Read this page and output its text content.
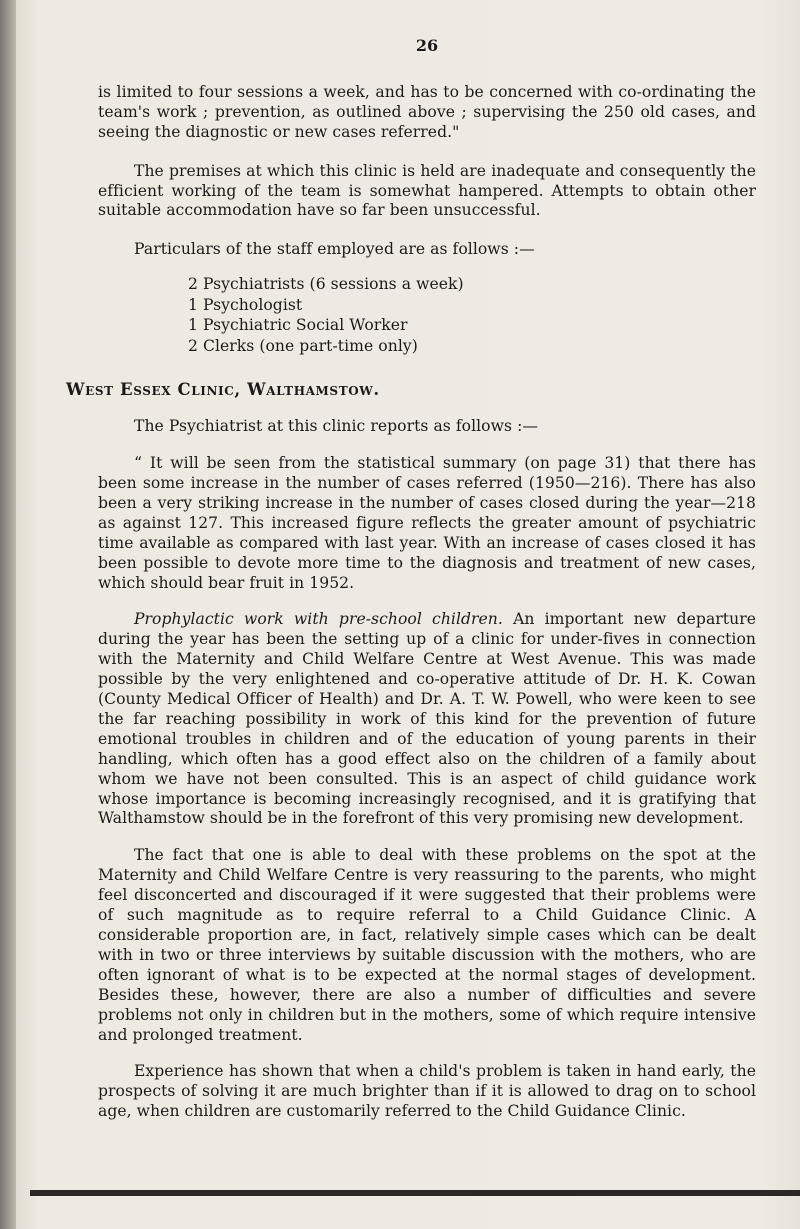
26

is limited to four sessions a week, and has to be concerned with co-ordinating the team's work ; prevention, as outlined above ; supervising the 250 old cases, and seeing the diagnostic or new cases referred."

The premises at which this clinic is held are inadequate and consequently the efficient working of the team is somewhat hampered. Attempts to obtain other suitable accommodation have so far been unsuccessful.

Particulars of the staff employed are as follows :—

2 Psychiatrists (6 sessions a week)
1 Psychologist
1 Psychiatric Social Worker
2 Clerks (one part-time only)
West Essex Clinic, Walthamstow.

The Psychiatrist at this clinic reports as follows :—

“ It will be seen from the statistical summary (on page 31) that there has been some increase in the number of cases referred (1950—216). There has also been a very striking increase in the number of cases closed during the year—218 as against 127. This increased figure reflects the greater amount of psychiatric time available as compared with last year. With an increase of cases closed it has been possible to devote more time to the diagnosis and treatment of new cases, which should bear fruit in 1952.

Prophylactic work with pre-school children. An important new departure during the year has been the setting up of a clinic for under-fives in connection with the Maternity and Child Welfare Centre at West Avenue. This was made possible by the very enlightened and co-operative attitude of Dr. H. K. Cowan (County Medical Officer of Health) and Dr. A. T. W. Powell, who were keen to see the far reaching possibility in work of this kind for the prevention of future emotional troubles in children and of the education of young parents in their handling, which often has a good effect also on the children of a family about whom we have not been consulted. This is an aspect of child guidance work whose importance is becoming increasingly recognised, and it is gratifying that Walthamstow should be in the forefront of this very promising new development.

The fact that one is able to deal with these problems on the spot at the Maternity and Child Welfare Centre is very reassuring to the parents, who might feel disconcerted and discouraged if it were suggested that their problems were of such magnitude as to require referral to a Child Guidance Clinic. A considerable proportion are, in fact, relatively simple cases which can be dealt with in two or three interviews by suitable discussion with the mothers, who are often ignorant of what is to be expected at the normal stages of development. Besides these, however, there are also a number of difficulties and severe problems not only in children but in the mothers, some of which require intensive and prolonged treatment.

Experience has shown that when a child's problem is taken in hand early, the prospects of solving it are much brighter than if it is allowed to drag on to school age, when children are customarily referred to the Child Guidance Clinic.
